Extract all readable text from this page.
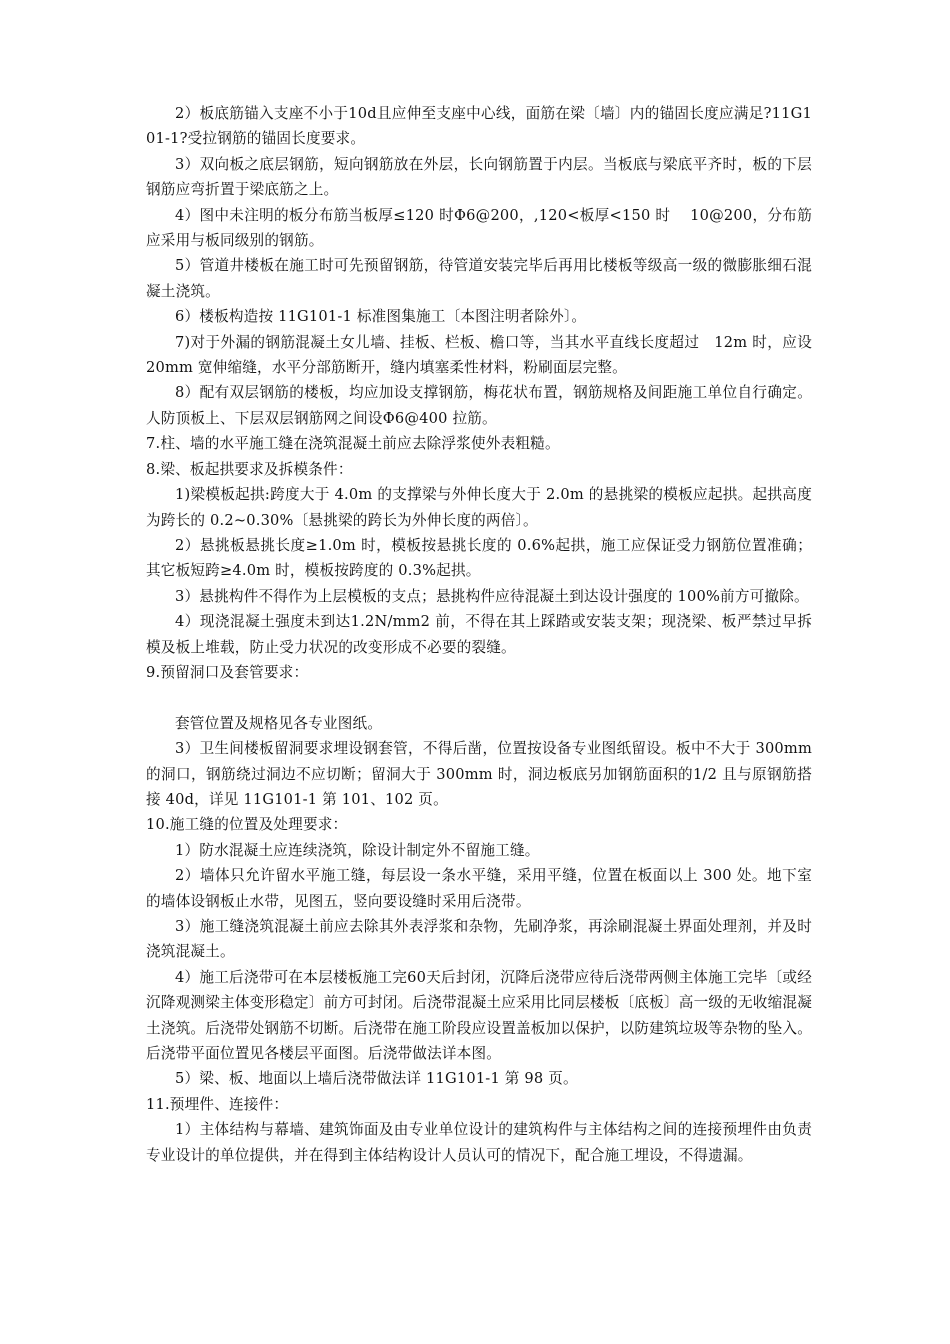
2）板底筋锚入支座不小于10d且应伸至支座中心线，面筋在梁〔墙〕内的锚固长度应满足?11G101-1?受拉钢筋的锚固长度要求。

3）双向板之底层钢筋，短向钢筋放在外层，长向钢筋置于内层。当板底与梁底平齐时，板的下层钢筋应弯折置于梁底筋之上。

4）图中未注明的板分布筋当板厚≤120 时Φ6@200，,120<板厚<150 时　 10@200，分布筋应采用与板同级别的钢筋。

5）管道井楼板在施工时可先预留钢筋，待管道安装完毕后再用比楼板等级高一级的微膨胀细石混凝土浇筑。

6）楼板构造按 11G101-1 标准图集施工〔本图注明者除外〕。

7)对于外漏的钢筋混凝土女儿墙、挂板、栏板、檐口等，当其水平直线长度超过　12m 时，应设 20mm 宽伸缩缝，水平分部筋断开，缝内填塞柔性材料，粉刷面层完整。

8）配有双层钢筋的楼板，均应加设支撑钢筋，梅花状布置，钢筋规格及间距施工单位自行确定。人防顶板上、下层双层钢筋网之间设Φ6@400 拉筋。

7.柱、墙的水平施工缝在浇筑混凝土前应去除浮浆使外表粗糙。

8.梁、板起拱要求及拆模条件：

1)梁模板起拱:跨度大于 4.0m 的支撑梁与外伸长度大于 2.0m 的悬挑梁的模板应起拱。起拱高度为跨长的 0.2~0.30%〔悬挑梁的跨长为外伸长度的两倍〕。

2）悬挑板悬挑长度≥1.0m 时，模板按悬挑长度的 0.6%起拱，施工应保证受力钢筋位置准确；其它板短跨≥4.0m 时，模板按跨度的 0.3%起拱。

3）悬挑构件不得作为上层模板的支点；悬挑构件应待混凝土到达设计强度的 100%前方可撤除。

4）现浇混凝土强度未到达1.2N/mm2 前，不得在其上踩踏或安装支架；现浇梁、板严禁过早拆模及板上堆载，防止受力状况的改变形成不必要的裂缝。

9.预留洞口及套管要求：

套管位置及规格见各专业图纸。

3）卫生间楼板留洞要求埋设钢套管，不得后凿，位置按设备专业图纸留设。板中不大于 300mm 的洞口，钢筋绕过洞边不应切断；留洞大于 300mm 时，洞边板底另加钢筋面积的1/2 且与原钢筋搭接 40d，详见 11G101-1 第 101、102 页。

10.施工缝的位置及处理要求：

1）防水混凝土应连续浇筑，除设计制定外不留施工缝。

2）墙体只允许留水平施工缝，每层设一条水平缝，采用平缝，位置在板面以上 300 处。地下室的墙体设钢板止水带，见图五，竖向要设缝时采用后浇带。

3）施工缝浇筑混凝土前应去除其外表浮浆和杂物，先刷净浆，再涂刷混凝土界面处理剂，并及时浇筑混凝土。

4）施工后浇带可在本层楼板施工完60天后封闭，沉降后浇带应待后浇带两侧主体施工完毕〔或经沉降观测梁主体变形稳定〕前方可封闭。后浇带混凝土应采用比同层楼板〔底板〕高一级的无收缩混凝土浇筑。后浇带处钢筋不切断。后浇带在施工阶段应设置盖板加以保护，以防建筑垃圾等杂物的坠入。后浇带平面位置见各楼层平面图。后浇带做法详本图。

5）梁、板、地面以上墙后浇带做法详 11G101-1 第 98 页。

11.预埋件、连接件：

1）主体结构与幕墙、建筑饰面及由专业单位设计的建筑构件与主体结构之间的连接预埋件由负责专业设计的单位提供，并在得到主体结构设计人员认可的情况下，配合施工埋设，不得遗漏。
